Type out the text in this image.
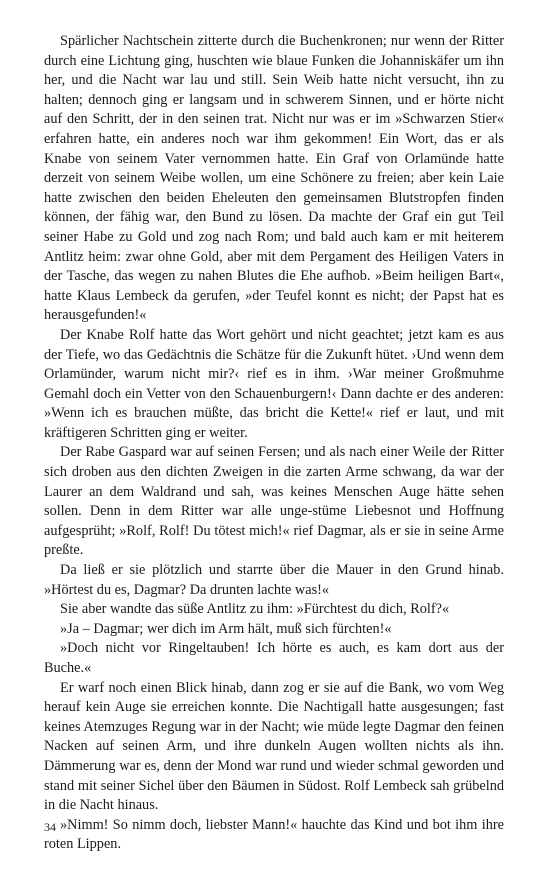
Spärlicher Nachtschein zitterte durch die Buchenkronen; nur wenn der Ritter durch eine Lichtung ging, huschten wie blaue Funken die Johanniskäfer um ihn her, und die Nacht war lau und still. Sein Weib hatte nicht versucht, ihn zu halten; dennoch ging er langsam und in schwerem Sinnen, und er hörte nicht auf den Schritt, der in den seinen trat. Nicht nur was er im »Schwarzen Stier« erfahren hatte, ein anderes noch war ihm gekommen! Ein Wort, das er als Knabe von seinem Vater vernommen hatte. Ein Graf von Orlamünde hatte derzeit von seinem Weibe wollen, um eine Schönere zu freien; aber kein Laie hatte zwischen den beiden Eheleuten den gemeinsamen Blutstropfen finden können, der fähig war, den Bund zu lösen. Da machte der Graf ein gut Teil seiner Habe zu Gold und zog nach Rom; und bald auch kam er mit heiterem Antlitz heim: zwar ohne Gold, aber mit dem Pergament des Heiligen Vaters in der Tasche, das wegen zu nahen Blutes die Ehe aufhob. »Beim heiligen Bart«, hatte Klaus Lembeck da gerufen, »der Teufel konnt es nicht; der Papst hat es herausgefunden!«

Der Knabe Rolf hatte das Wort gehört und nicht geachtet; jetzt kam es aus der Tiefe, wo das Gedächtnis die Schätze für die Zukunft hütet. ›Und wenn dem Orlamünder, warum nicht mir?‹ rief es in ihm. ›War meiner Großmuhme Gemahl doch ein Vetter von den Schauenburgern!‹ Dann dachte er des anderen: »Wenn ich es brauchen müßte, das bricht die Kette!« rief er laut, und mit kräftigeren Schritten ging er weiter.

Der Rabe Gaspard war auf seinen Fersen; und als nach einer Weile der Ritter sich droben aus den dichten Zweigen in die zarten Arme schwang, da war der Laurer an dem Waldrand und sah, was keines Menschen Auge hätte sehen sollen. Denn in dem Ritter war alle unge-stüme Liebesnot und Hoffnung aufgesprüht; »Rolf, Rolf! Du tötest mich!« rief Dagmar, als er sie in seine Arme preßte.

Da ließ er sie plötzlich und starrte über die Mauer in den Grund hinab. »Hörtest du es, Dagmar? Da drunten lachte was!«

Sie aber wandte das süße Antlitz zu ihm: »Fürchtest du dich, Rolf?«

»Ja – Dagmar; wer dich im Arm hält, muß sich fürchten!«

»Doch nicht vor Ringeltauben! Ich hörte es auch, es kam dort aus der Buche.«

Er warf noch einen Blick hinab, dann zog er sie auf die Bank, wo vom Weg herauf kein Auge sie erreichen konnte. Die Nachtigall hatte ausgesungen; fast keines Atemzuges Regung war in der Nacht; wie müde legte Dagmar den feinen Nacken auf seinen Arm, und ihre dunkeln Augen wollten nichts als ihn. Dämmerung war es, denn der Mond war rund und wieder schmal geworden und stand mit seiner Sichel über den Bäumen in Südost. Rolf Lembeck sah grübelnd in die Nacht hinaus.

»Nimm! So nimm doch, liebster Mann!« hauchte das Kind und bot ihm ihre roten Lippen.

34
